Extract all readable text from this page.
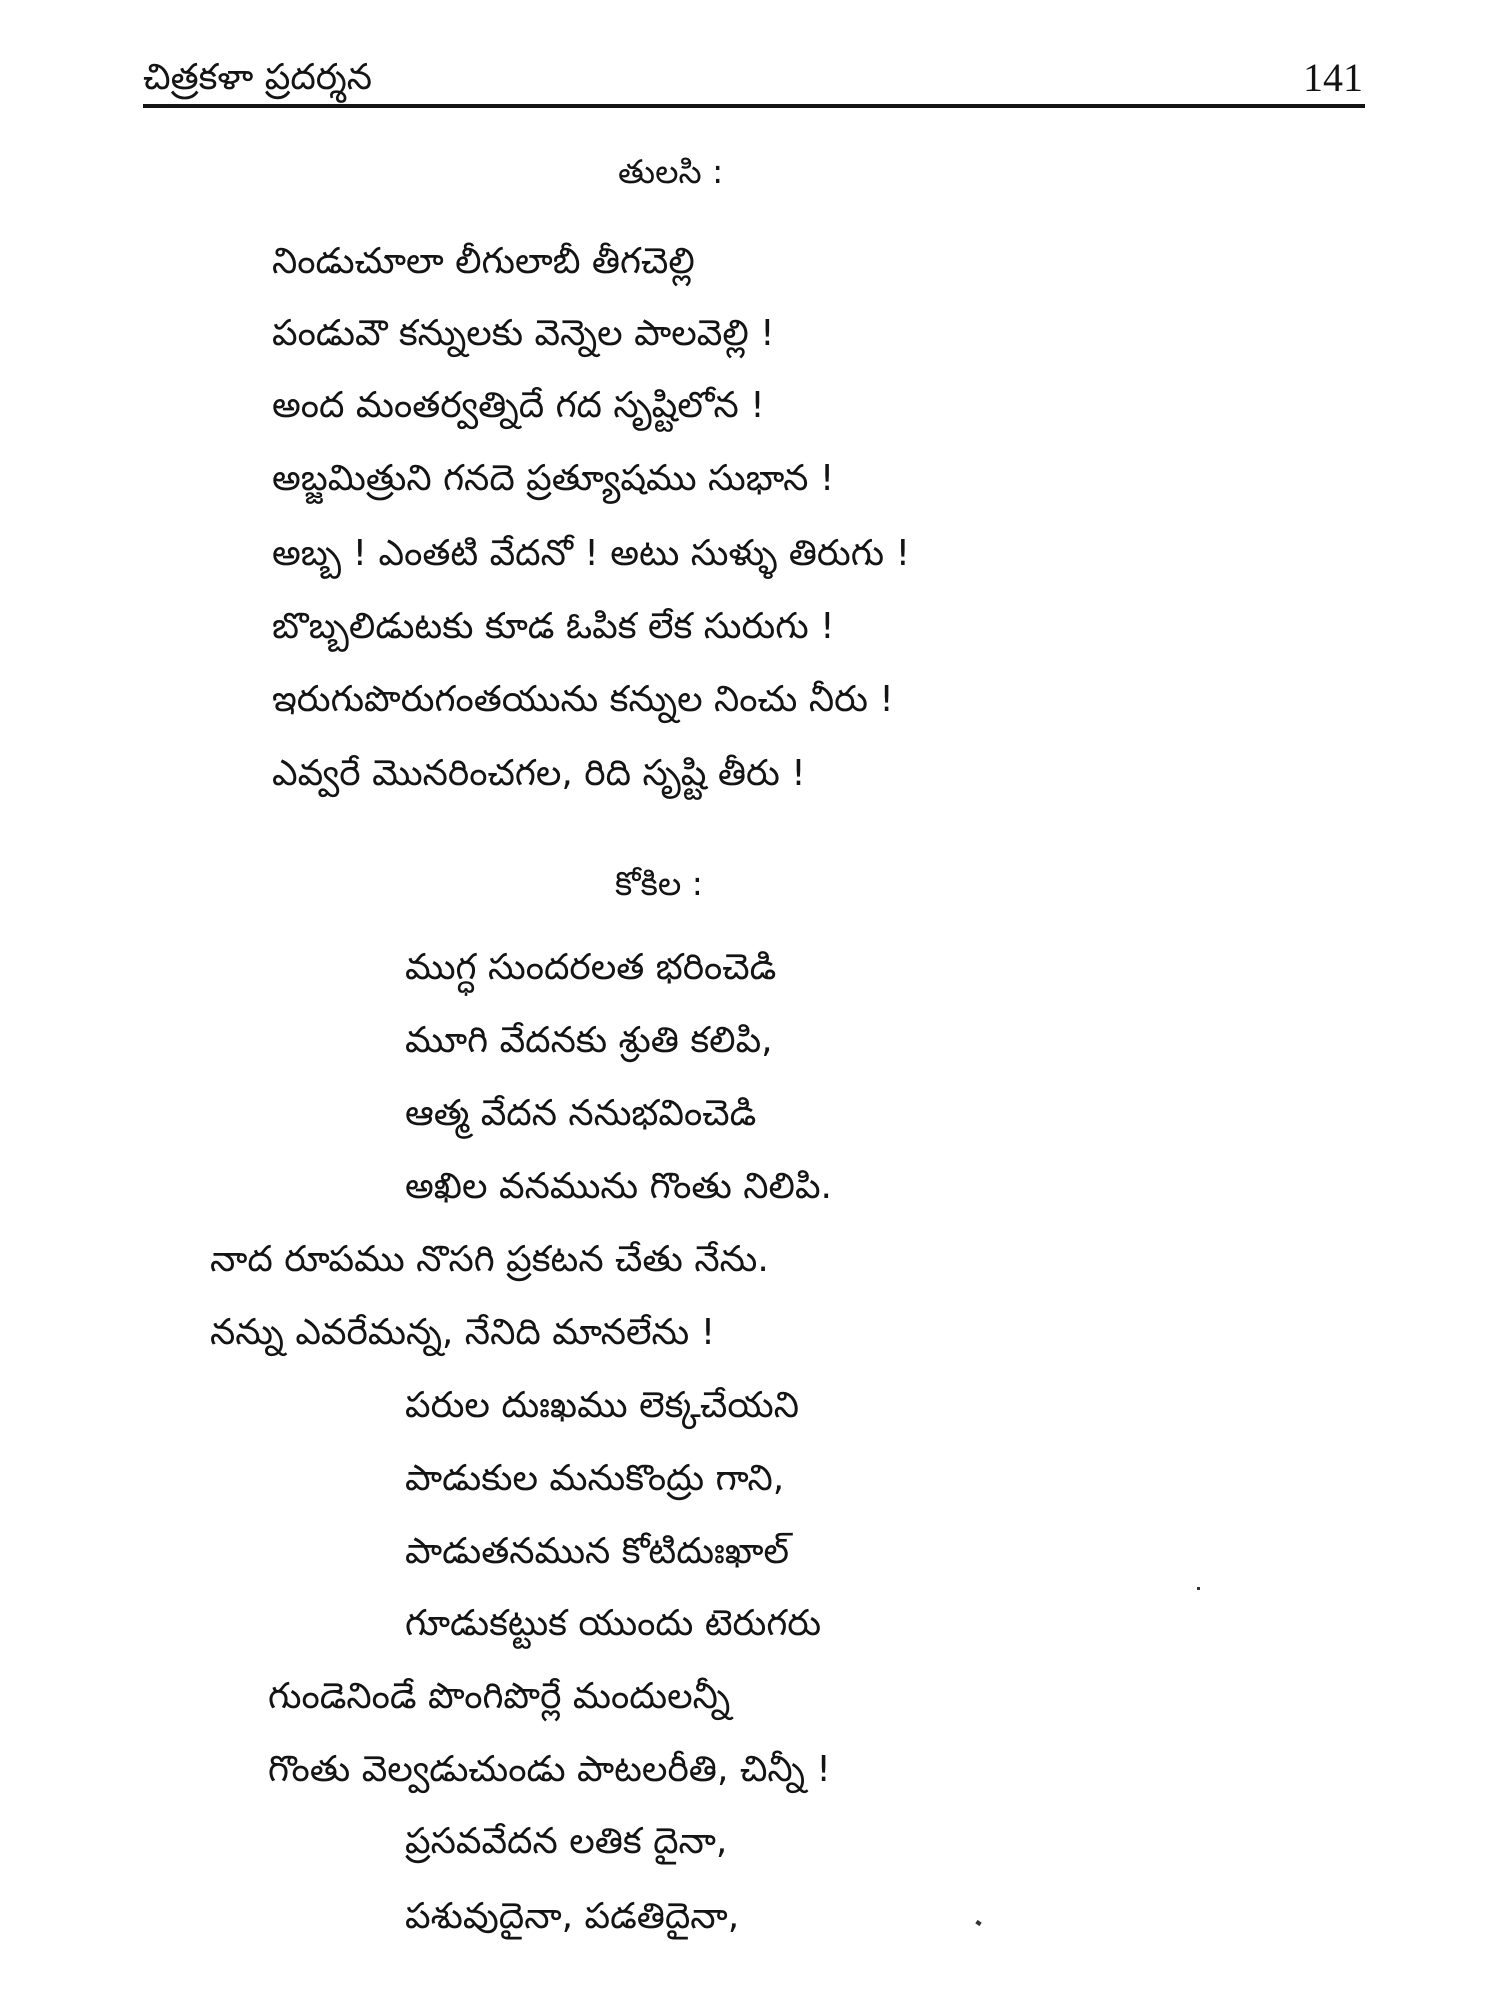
చిత్రకళా ప్రదర్శన	141
తులసి :
నిండుచూలా లీగులాబీ తీగచెల్లి
పండువౌ కన్నులకు వెన్నెల పాలవెల్లి !
అంద మంతర్వత్నిదే గద సృష్టిలోన !
అబ్జమిత్రుని గనదె ప్రత్యూషము సుభాన !
అబ్బ ! ఎంతటి వేదనో ! అటు సుళ్ళు తిరుగు !
బొబ్బలిడుటకు కూడ ఓపిక లేక సురుగు !
ఇరుగుపొరుగంతయును కన్నుల నించు నీరు !
ఎవ్వరే మొనరించగల, రిది సృష్టి తీరు !
కోకిల :
ముగ్ధ సుందరలత భరించెడి
మూగి వేదనకు శ్రుతి కలిపి,
ఆత్మ వేదన ననుభవించెడి
అఖిల వనమును గొంతు నిలిపి.
నాద రూపము నొసగి ప్రకటన చేతు నేను.
నన్ను ఎవరేమన్న, నేనిది మానలేను !
పరుల దుఃఖము లెక్కచేయని
పాడుకుల మనుకొంద్రు గాని,
పాడుతనమున కోటిదుఃఖాల్
గూడుకట్టుక యుందు టెరుగరు
గుండెనిండే పొంగిపొర్లే మందులన్నీ
గొంతు వెల్వడుచుండు పాటలరీతి, చిన్నీ !
ప్రసవవేదన లతిక దైనా,
పశువుదైనా, పడతిదైనా,
